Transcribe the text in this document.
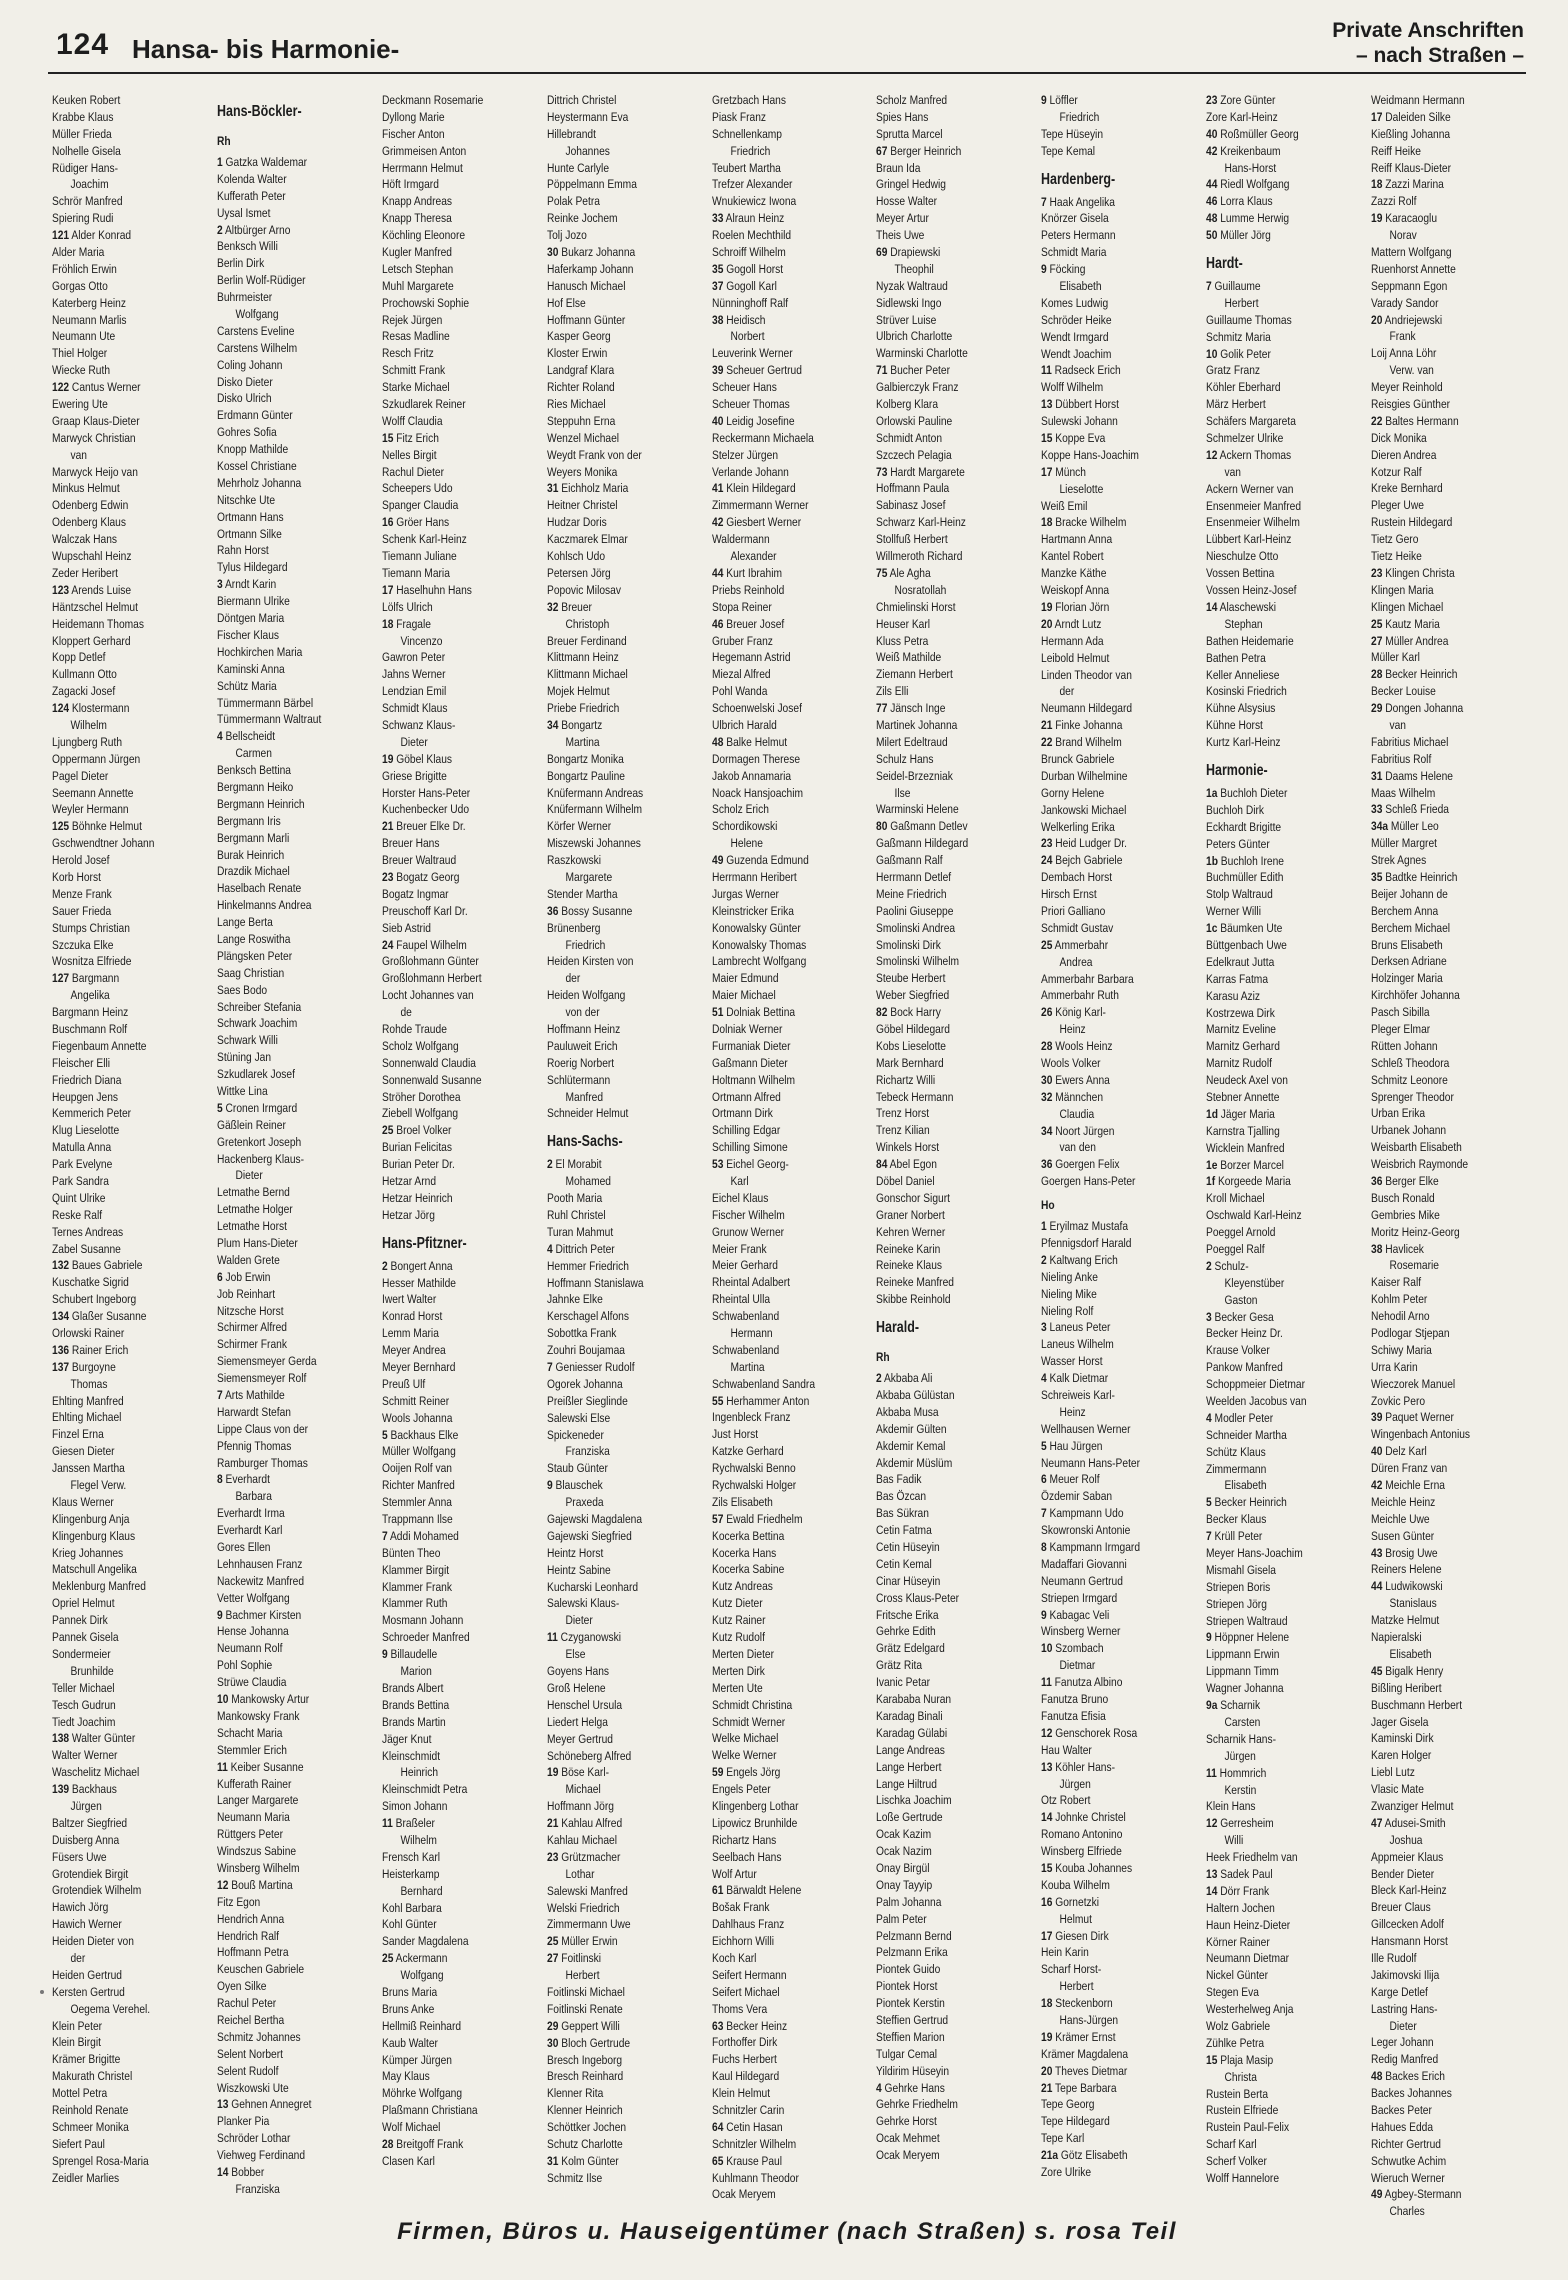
124 Hansa- bis Harmonie-
Private Anschriften
– nach Straßen –
Keuken Robert
Krabbe Klaus
Müller Frieda
Nolhelle Gisela
Rüdiger Hans-
Joachim
Schrör Manfred
Spiering Rudi
121 Alder Konrad
Alder Maria
Fröhlich Erwin
Gorgas Otto
Katerberg Heinz
Neumann Marlis
Neumann Ute
Thiel Holger
Wiecke Ruth
122 Cantus Werner
Ewering Ute
Graap Klaus-Dieter
Marwyck Christian
van
Marwyck Heijo van
Minkus Helmut
Odenberg Edwin
Odenberg Klaus
Walczak Hans
Wupschahl Heinz
Zeder Heribert
123 Arends Luise
Häntzschel Helmut
Heidemann Thomas
Kloppert Gerhard
Kopp Detlef
Kullmann Otto
Zagacki Josef
124 Klostermann
Wilhelm
Ljungberg Ruth
Oppermann Jürgen
Pagel Dieter
Seemann Annette
Weyler Hermann
125 Böhnke Helmut
Gschwendtner Johann
Herold Josef
Korb Horst
Menze Frank
Sauer Frieda
Stumps Christian
Szczuka Elke
Wosnitza Elfriede
127 Bargmann
Angelika
Bargmann Heinz
Buschmann Rolf
Fiegenbaum Annette
Fleischer Elli
Friedrich Diana
Heupgen Jens
Kemmerich Peter
Klug Lieselotte
Matulla Anna
Park Evelyne
Park Sandra
Quint Ulrike
Reske Ralf
Ternes Andreas
Zabel Susanne
132 Baues Gabriele
Kuschatke Sigrid
Schubert Ingeborg
134 Glaßer Susanne
Orlowski Rainer
136 Rainer Erich
137 Burgoyne
Thomas
Ehlting Manfred
Ehlting Michael
Finzel Erna
Giesen Dieter
Janssen Martha
Flegel Verw.
Klaus Werner
Klingenburg Anja
Klingenburg Klaus
Krieg Johannes
Matschull Angelika
Meklenburg Manfred
Opriel Helmut
Pannek Dirk
Pannek Gisela
Sondermeier
Brunhilde
Teller Michael
Tesch Gudrun
Tiedt Joachim
138 Walter Günter
Walter Werner
Waschelitz Michael
139 Backhaus
Jürgen
Baltzer Siegfried
Duisberg Anna
Füsers Uwe
Grotendiek Birgit
Grotendiek Wilhelm
Hawich Jörg
Hawich Werner
Heiden Dieter von
der
Heiden Gertrud
Kersten Gertrud
Oegema Verehel.
Klein Peter
Klein Birgit
Krämer Brigitte
Makurath Christel
Mottel Petra
Reinhold Renate
Schmeer Monika
Siefert Paul
Sprengel Rosa-Maria
Zeidler Marlies
Hans-Böckler-
Rh
1 Gatzka Waldemar
Kolenda Walter
Kufferath Peter
Uysal Ismet
2 Altbürger Arno
Benksch Willi
Berlin Dirk
Berlin Wolf-Rüdiger
Buhrmeister
Wolfgang
Carstens Eveline
Carstens Wilhelm
Coling Johann
Disko Dieter
Disko Ulrich
Erdmann Günter
Gohres Sofia
Knopp Mathilde
Kossel Christiane
Mehrholz Johanna
Nitschke Ute
Ortmann Hans
Ortmann Silke
Rahn Horst
Tylus Hildegard
3 Arndt Karin
Biermann Ulrike
Döntgen Maria
Fischer Klaus
Hochkirchen Maria
Kaminski Anna
Schütz Maria
Tümmermann Bärbel
Tümmermann Waltraut
4 Bellscheidt
Carmen
Benksch Bettina
Bergmann Heiko
Bergmann Heinrich
Bergmann Iris
Bergmann Marli
Burak Heinrich
Drazdik Michael
Haselbach Renate
Hinkelmanns Andrea
Lange Berta
Lange Roswitha
Plängsken Peter
Saag Christian
Saes Bodo
Schreiber Stefania
Schwark Joachim
Schwark Willi
Stüning Jan
Szkudlarek Josef
Wittke Lina
5 Cronen Irmgard
Gäßlein Reiner
Gretenkort Joseph
Hackenberg Klaus-
Dieter
Letmathe Bernd
Letmathe Holger
Letmathe Horst
Plum Hans-Dieter
Walden Grete
6 Job Erwin
Job Reinhart
Nitzsche Horst
Schirmer Alfred
Schirmer Frank
Siemensmeyer Gerda
Siemensmeyer Rolf
7 Arts Mathilde
Harwardt Stefan
Lippe Claus von der
Pfennig Thomas
Ramburger Thomas
8 Everhardt
Barbara
Everhardt Irma
Everhardt Karl
Gores Ellen
Lehnhausen Franz
Nackewitz Manfred
Vetter Wolfgang
9 Bachmer Kirsten
Hense Johanna
Neumann Rolf
Pohl Sophie
Strüwe Claudia
10 Mankowsky Artur
Mankowsky Frank
Schacht Maria
Stemmler Erich
11 Keiber Susanne
Kufferath Rainer
Langer Margarete
Neumann Maria
Rüttgers Peter
Windszus Sabine
Winsberg Wilhelm
12 Bouß Martina
Fitz Egon
Hendrich Anna
Hendrich Ralf
Hoffmann Petra
Keuschen Gabriele
Oyen Silke
Rachul Peter
Reichel Bertha
Schmitz Johannes
Selent Norbert
Selent Rudolf
Wiszkowski Ute
13 Gehnen Annegret
Planker Pia
Schröder Lothar
Viehweg Ferdinand
14 Bobber
Franziska
Deckmann Rosemarie
Dyllong Marie
Fischer Anton
Grimmeisen Anton
Herrmann Helmut
Höft Irmgard
Knapp Andreas
Knapp Theresa
Köchling Eleonore
Kugler Manfred
Letsch Stephan
Muhl Margarete
Prochowski Sophie
Rejek Jürgen
Resas Madline
Resch Fritz
Schmitt Frank
Starke Michael
Szkudlarek Reiner
Wolff Claudia
15 Fitz Erich
Nelles Birgit
Rachul Dieter
Scheepers Udo
Spanger Claudia
16 Gröer Hans
Schenk Karl-Heinz
Tiemann Juliane
Tiemann Maria
17 Haselhuhn Hans
Lölfs Ulrich
18 Fragale
Vincenzo
Gawron Peter
Jahns Werner
Lendzian Emil
Schmidt Klaus
Schwanz Klaus-
Dieter
19 Göbel Klaus
Griese Brigitte
Horster Hans-Peter
Kuchenbecker Udo
21 Breuer Elke Dr.
Breuer Hans
Breuer Waltraud
23 Bogatz Georg
Bogatz Ingmar
Preuschoff Karl Dr.
Sieb Astrid
24 Faupel Wilhelm
Großlohmann Günter
Großlohmann Herbert
Locht Johannes van
de
Rohde Traude
Scholz Wolfgang
Sonnenwald Claudia
Sonnenwald Susanne
Ströher Dorothea
Ziebell Wolfgang
25 Broel Volker
Burian Felicitas
Burian Peter Dr.
Hetzar Arnd
Hetzar Heinrich
Hetzar Jörg
Hans-Pfitzner-
2 Bongert Anna
Hesser Mathilde
Iwert Walter
Konrad Horst
Lemm Maria
Meyer Andrea
Meyer Bernhard
Preuß Ulf
Schmitt Reiner
Wools Johanna
5 Backhaus Elke
Müller Wolfgang
Ooijen Rolf van
Richter Manfred
Stemmler Anna
Trappmann Ilse
7 Addi Mohamed
Bünten Theo
Klammer Birgit
Klammer Frank
Klammer Ruth
Mosmann Johann
Schroeder Manfred
9 Billaudelle
Marion
Brands Albert
Brands Bettina
Brands Martin
Jäger Knut
Kleinschmidt
Heinrich
Kleinschmidt Petra
Simon Johann
11 Braßeler
Wilhelm
Frensch Karl
Heisterkamp
Bernhard
Kohl Barbara
Kohl Günter
Sander Magdalena
25 Ackermann
Wolfgang
Bruns Maria
Bruns Anke
Hellmiß Reinhard
Kaub Walter
Kümper Jürgen
May Klaus
Möhrke Wolfgang
Plaßmann Christiana
Wolf Michael
28 Breitgoff Frank
Clasen Karl
Dittrich Christel
Heystermann Eva
Hillebrandt
Johannes
Hunte Carlyle
Pöppelmann Emma
Polak Petra
Reinke Jochem
Tolj Jozo
30 Bukarz Johanna
Haferkamp Johann
Hanusch Michael
Hof Else
Hoffmann Günter
Kasper Georg
Kloster Erwin
Landgraf Klara
Richter Roland
Ries Michael
Steppuhn Erna
Wenzel Michael
Weydt Frank von der
Weyers Monika
31 Eichholz Maria
Heitner Christel
Hudzar Doris
Kaczmarek Elmar
Kohlsch Udo
Petersen Jörg
Popovic Milosav
32 Breuer
Christoph
Breuer Ferdinand
Klittmann Heinz
Klittmann Michael
Mojek Helmut
Priebe Friedrich
34 Bongartz
Martina
Bongartz Monika
Bongartz Pauline
Knüfermann Andreas
Knüfermann Wilhelm
Körfer Werner
Miszewski Johannes
Raszkowski
Margarete
Stender Martha
36 Bossy Susanne
Brünenberg
Friedrich
Heiden Kirsten von
der
Heiden Wolfgang
von der
Hoffmann Heinz
Pauluweit Erich
Roerig Norbert
Schlütermann
Manfred
Schneider Helmut
Hans-Sachs-
2 El Morabit
Mohamed
Pooth Maria
Ruhl Christel
Turan Mahmut
4 Dittrich Peter
Hemmer Friedrich
Hoffmann Stanislawa
Jahnke Elke
Kerschagel Alfons
Sobottka Frank
Zouhri Boujamaa
7 Geniesser Rudolf
Ogorek Johanna
Preißler Sieglinde
Salewski Else
Spickeneder
Franziska
Staub Günter
9 Blauschek
Praxeda
Gajewski Magdalena
Gajewski Siegfried
Heintz Horst
Heintz Sabine
Kucharski Leonhard
Salewski Klaus-
Dieter
11 Czyganowski
Else
Goyens Hans
Groß Helene
Henschel Ursula
Liedert Helga
Meyer Gertrud
Schöneberg Alfred
19 Böse Karl-
Michael
Hoffmann Jörg
21 Kahlau Alfred
Kahlau Michael
23 Grützmacher
Lothar
Salewski Manfred
Welski Friedrich
Zimmermann Uwe
25 Müller Erwin
27 Foitlinski
Herbert
Foitlinski Michael
Foitlinski Renate
29 Geppert Willi
30 Bloch Gertrude
Bresch Ingeborg
Bresch Reinhard
Klenner Rita
Klenner Heinrich
Schöttker Jochen
Schutz Charlotte
31 Kolm Günter
Schmitz Ilse
Gretzbach Hans
Piask Franz
Schnellenkamp
Friedrich
Teubert Martha
Trefzer Alexander
Wnukiewicz Iwona
33 Alraun Heinz
Roelen Mechthild
Schroiff Wilhelm
35 Gogoll Horst
37 Gogoll Karl
Nünninghoff Ralf
38 Heidisch
Norbert
Leuverink Werner
39 Scheuer Gertrud
Scheuer Hans
Scheuer Thomas
40 Leidig Josefine
Reckermann Michaela
Stelzer Jürgen
Verlande Johann
41 Klein Hildegard
Zimmermann Werner
42 Giesbert Werner
Waldermann
Alexander
44 Kurt Ibrahim
Priebs Reinhold
Stopa Reiner
46 Breuer Josef
Gruber Franz
Hegemann Astrid
Miezal Alfred
Pohl Wanda
Schoenwelski Josef
Ulbrich Harald
48 Balke Helmut
Dormagen Therese
Jakob Annamaria
Noack Hansjoachim
Scholz Erich
Schordikowski
Helene
49 Guzenda Edmund
Herrmann Heribert
Jurgas Werner
Kleinstricker Erika
Konowalsky Günter
Konowalsky Thomas
Lambrecht Wolfgang
Maier Edmund
Maier Michael
51 Dolniak Bettina
Dolniak Werner
Furmaniak Dieter
Gaßmann Dieter
Holtmann Wilhelm
Ortmann Alfred
Ortmann Dirk
Schilling Edgar
Schilling Simone
53 Eichel Georg-
Karl
Eichel Klaus
Fischer Wilhelm
Grunow Werner
Meier Frank
Meier Gerhard
Rheintal Adalbert
Rheintal Ulla
Schwabenland
Hermann
Schwabenland
Martina
Schwabenland Sandra
55 Herhammer Anton
Ingenbleck Franz
Just Horst
Katzke Gerhard
Rychwalski Benno
Rychwalski Holger
Zils Elisabeth
57 Ewald Friedhelm
Kocerka Bettina
Kocerka Hans
Kocerka Sabine
Kutz Andreas
Kutz Dieter
Kutz Rainer
Kutz Rudolf
Merten Dieter
Merten Dirk
Merten Ute
Schmidt Christina
Schmidt Werner
Welke Michael
Welke Werner
59 Engels Jörg
Engels Peter
Klingenberg Lothar
Lipowicz Brunhilde
Richartz Hans
Seelbach Hans
Wolf Artur
61 Bärwaldt Helene
Bošak Frank
Dahlhaus Franz
Eichhorn Willi
Koch Karl
Seifert Hermann
Seifert Michael
Thoms Vera
63 Becker Heinz
Forthoffer Dirk
Fuchs Herbert
Kaul Hildegard
Klein Helmut
Schnitzler Carin
64 Cetin Hasan
Schnitzler Wilhelm
65 Krause Paul
Kuhlmann Theodor
Ocak Meryem
Scholz Manfred
Spies Hans
Sprutta Marcel
67 Berger Heinrich
Braun Ida
Gringel Hedwig
Hosse Walter
Meyer Artur
Theis Uwe
69 Drapiewski
Theophil
Nyzak Waltraud
Sidlewski Ingo
Strüver Luise
Ulbrich Charlotte
Warminski Charlotte
71 Bucher Peter
Galbierczyk Franz
Kolberg Klara
Orlowski Pauline
Schmidt Anton
Szczech Pelagia
73 Hardt Margarete
Hoffmann Paula
Sabinasz Josef
Schwarz Karl-Heinz
Stollfuß Herbert
Willmeroth Richard
75 Ale Agha
Nosratollah
Chmielinski Horst
Heuser Karl
Kluss Petra
Weiß Mathilde
Ziemann Herbert
Zils Elli
77 Jänsch Inge
Martinek Johanna
Milert Edeltraud
Schulz Hans
Seidel-Brzezniak
Ilse
Warminski Helene
80 Gaßmann Detlev
Gaßmann Hildegard
Gaßmann Ralf
Herrmann Detlef
Meine Friedrich
Paolini Giuseppe
Smolinski Andrea
Smolinski Dirk
Smolinski Wilhelm
Steube Herbert
Weber Siegfried
82 Bock Harry
Göbel Hildegard
Kobs Lieselotte
Mark Bernhard
Richartz Willi
Tebeck Hermann
Trenz Horst
Trenz Kilian
Winkels Horst
84 Abel Egon
Döbel Daniel
Gonschor Sigurt
Graner Norbert
Kehren Werner
Reineke Karin
Reineke Klaus
Reineke Manfred
Skibbe Reinhold
Harald-
Rh
2 Akbaba Ali
Akbaba Gülüstan
Akbaba Musa
Akdemir Gülten
Akdemir Kemal
Akdemir Müslüm
Bas Fadik
Bas Özcan
Bas Sükran
Cetin Fatma
Cetin Hüseyin
Cetin Kemal
Cinar Hüseyin
Cross Klaus-Peter
Fritsche Erika
Gehrke Edith
Grätz Edelgard
Grätz Rita
Ivanic Petar
Karababa Nuran
Karadag Binali
Karadag Gülabi
Lange Andreas
Lange Herbert
Lange Hiltrud
Lischka Joachim
Loße Gertrude
Ocak Kazim
Ocak Nazim
Onay Birgül
Onay Tayyip
Palm Johanna
Palm Peter
Pelzmann Bernd
Pelzmann Erika
Piontek Guido
Piontek Horst
Piontek Kerstin
Steffien Gertrud
Steffien Marion
Tulgar Cemal
Yildirim Hüseyin
4 Gehrke Hans
Gehrke Friedhelm
Gehrke Horst
Ocak Mehmet
Ocak Meryem
9 Löffler
Friedrich
Tepe Hüseyin
Tepe Kemal
Hardenberg-
7 Haak Angelika
Knörzer Gisela
Peters Hermann
Schmidt Maria
9 Föcking
Elisabeth
Komes Ludwig
Schröder Heike
Wendt Irmgard
Wendt Joachim
11 Radseck Erich
Wolff Wilhelm
13 Dübbert Horst
Sulewski Johann
15 Koppe Eva
Koppe Hans-Joachim
17 Münch
Lieselotte
Weiß Emil
18 Bracke Wilhelm
Hartmann Anna
Kantel Robert
Manzke Käthe
Weiskopf Anna
19 Florian Jörn
20 Arndt Lutz
Hermann Ada
Leibold Helmut
Linden Theodor van
der
Neumann Hildegard
21 Finke Johanna
22 Brand Wilhelm
Brunck Gabriele
Durban Wilhelmine
Gorny Helene
Jankowski Michael
Welkerling Erika
23 Heid Ludger Dr.
24 Bejch Gabriele
Dembach Horst
Hirsch Ernst
Priori Galliano
Schmidt Gustav
25 Ammerbahr
Andrea
Ammerbahr Barbara
Ammerbahr Ruth
26 König Karl-
Heinz
28 Wools Heinz
Wools Volker
30 Ewers Anna
32 Männchen
Claudia
34 Noort Jürgen
van den
36 Goergen Felix
Goergen Hans-Peter
Ho
1 Eryilmaz Mustafa
Pfennigsdorf Harald
2 Kaltwang Erich
Nieling Anke
Nieling Mike
Nieling Rolf
3 Laneus Peter
Laneus Wilhelm
Wasser Horst
4 Kalk Dietmar
Schreiweis Karl-
Heinz
Wellhausen Werner
5 Hau Jürgen
Neumann Hans-Peter
6 Meuer Rolf
Özdemir Saban
7 Kampmann Udo
Skowronski Antonie
8 Kampmann Irmgard
Madaffari Giovanni
Neumann Gertrud
Striepen Irmgard
9 Kabagac Veli
Winsberg Werner
10 Szombach
Dietmar
11 Fanutza Albino
Fanutza Bruno
Fanutza Efisia
12 Genschorek Rosa
Hau Walter
13 Köhler Hans-
Jürgen
Otz Robert
14 Johnke Christel
Romano Antonino
Winsberg Elfriede
15 Kouba Johannes
Kouba Wilhelm
16 Gornetzki
Helmut
17 Giesen Dirk
Hein Karin
Scharf Horst-
Herbert
18 Steckenborn
Hans-Jürgen
19 Krämer Ernst
Krämer Magdalena
20 Theves Dietmar
21 Tepe Barbara
Tepe Georg
Tepe Hildegard
Tepe Karl
21a Götz Elisabeth
Zore Ulrike
23 Zore Günter
Zore Karl-Heinz
40 Roßmüller Georg
42 Kreikenbaum
Hans-Horst
44 Riedl Wolfgang
46 Lorra Klaus
48 Lumme Herwig
50 Müller Jörg
Hardt-
7 Guillaume
Herbert
Guillaume Thomas
Schmitz Maria
10 Golik Peter
Gratz Franz
Köhler Eberhard
März Herbert
Schäfers Margareta
Schmelzer Ulrike
12 Ackern Thomas
van
Ackern Werner van
Ensenmeier Manfred
Ensenmeier Wilhelm
Lübbert Karl-Heinz
Nieschulze Otto
Vossen Bettina
Vossen Heinz-Josef
14 Alaschewski
Stephan
Bathen Heidemarie
Bathen Petra
Keller Anneliese
Kosinski Friedrich
Kühne Alsysius
Kühne Horst
Kurtz Karl-Heinz
Harmonie-
1a Buchloh Dieter
Buchloh Dirk
Eckhardt Brigitte
Peters Günter
1b Buchloh Irene
Buchmüller Edith
Stolp Waltraud
Werner Willi
1c Bäumken Ute
Büttgenbach Uwe
Edelkraut Jutta
Karras Fatma
Karasu Aziz
Kostrzewa Dirk
Marnitz Eveline
Marnitz Gerhard
Marnitz Rudolf
Neudeck Axel von
Stebner Annette
1d Jäger Maria
Karnstra Tjalling
Wicklein Manfred
1e Borzer Marcel
1f Korgeede Maria
Kroll Michael
Oschwald Karl-Heinz
Poeggel Arnold
Poeggel Ralf
2 Schulz-
Kleyenstüber
Gaston
3 Becker Gesa
Becker Heinz Dr.
Krause Volker
Pankow Manfred
Schoppmeier Dietmar
Weelden Jacobus van
4 Modler Peter
Schneider Martha
Schütz Klaus
Zimmermann
Elisabeth
5 Becker Heinrich
Becker Klaus
7 Krüll Peter
Meyer Hans-Joachim
Mismahl Gisela
Striepen Boris
Striepen Jörg
Striepen Waltraud
9 Höppner Helene
Lippmann Erwin
Lippmann Timm
Wagner Johanna
9a Scharnik
Carsten
Scharnik Hans-
Jürgen
11 Hommrich
Kerstin
Klein Hans
12 Gerresheim
Willi
Heek Friedhelm van
13 Sadek Paul
14 Dörr Frank
Haltern Jochen
Haun Heinz-Dieter
Körner Rainer
Neumann Dietmar
Nickel Günter
Stegen Eva
Westerhelweg Anja
Wolz Gabriele
Zühlke Petra
15 Plaja Masip
Christa
Rustein Berta
Rustein Elfriede
Rustein Paul-Felix
Scharf Karl
Scherf Volker
Wolff Hannelore
Weidmann Hermann
17 Daleiden Silke
Kießling Johanna
Reiff Heike
Reiff Klaus-Dieter
18 Zazzi Marina
Zazzi Rolf
19 Karacaoglu
Norav
Mattern Wolfgang
Ruenhorst Annette
Seppmann Egon
Varady Sandor
20 Andriejewski
Frank
Loij Anna Löhr
Verw. van
Meyer Reinhold
Reisgies Günther
22 Baltes Hermann
Dick Monika
Dieren Andrea
Kotzur Ralf
Kreke Bernhard
Pleger Uwe
Rustein Hildegard
Tietz Gero
Tietz Heike
23 Klingen Christa
Klingen Maria
Klingen Michael
25 Kautz Maria
27 Müller Andrea
Müller Karl
28 Becker Heinrich
Becker Louise
29 Dongen Johanna
van
Fabritius Michael
Fabritius Rolf
31 Daams Helene
Maas Wilhelm
33 Schleß Frieda
34a Müller Leo
Müller Margret
Strek Agnes
35 Badtke Heinrich
Beijer Johann de
Berchem Anna
Berchem Michael
Bruns Elisabeth
Derksen Adriane
Holzinger Maria
Kirchhöfer Johanna
Pasch Sibilla
Pleger Elmar
Rütten Johann
Schleß Theodora
Schmitz Leonore
Sprenger Theodor
Urban Erika
Urbanek Johann
Weisbarth Elisabeth
Weisbrich Raymonde
36 Berger Elke
Busch Ronald
Gembries Mike
Moritz Heinz-Georg
38 Havlicek
Rosemarie
Kaiser Ralf
Kohlm Peter
Nehodil Arno
Podlogar Stjepan
Schiwy Maria
Urra Karin
Wieczorek Manuel
Zovkic Pero
39 Paquet Werner
Wingenbach Antonius
40 Delz Karl
Düren Franz van
42 Meichle Erna
Meichle Heinz
Meichle Uwe
Susen Günter
43 Brosig Uwe
Reiners Helene
44 Ludwikowski
Stanislaus
Matzke Helmut
Napieralski
Elisabeth
45 Bigalk Henry
Bißling Heribert
Buschmann Herbert
Jager Gisela
Kaminski Dirk
Karen Holger
Liebl Lutz
Vlasic Mate
Zwanziger Helmut
47 Adusei-Smith
Joshua
Appmeier Klaus
Bender Dieter
Bleck Karl-Heinz
Breuer Claus
Gillcecken Adolf
Hansmann Horst
Ille Rudolf
Jakimovski Ilija
Karge Detlef
Lastring Hans-
Dieter
Leger Johann
Redig Manfred
48 Backes Erich
Backes Johannes
Backes Peter
Hahues Edda
Richter Gertrud
Schwutke Achim
Wieruch Werner
49 Agbey-Stermann
Charles
Firmen, Büros u. Hauseigentümer (nach Straßen) s. rosa Teil
